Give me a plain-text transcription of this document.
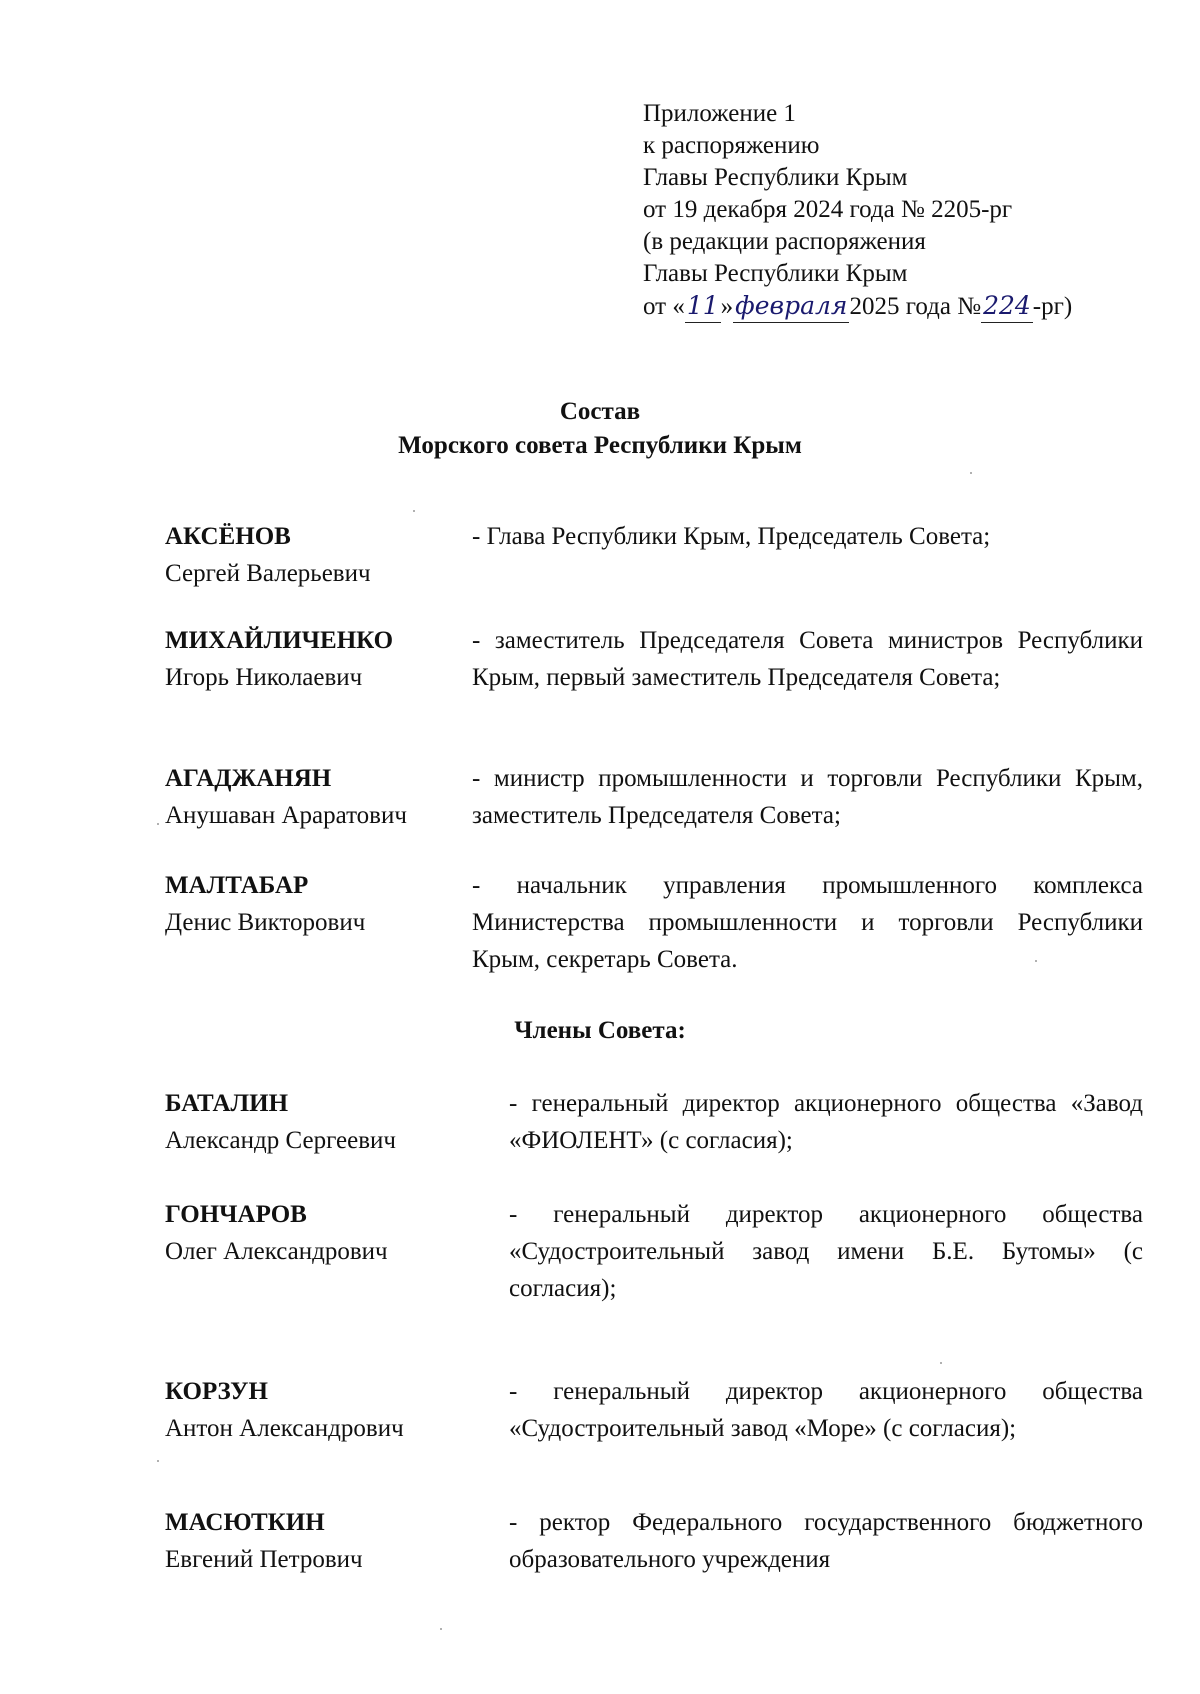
Приложение 1
к распоряжению
Главы Республики Крым
от 19 декабря 2024 года № 2205-рг
(в редакции распоряжения
Главы Республики Крым
от «11»февраля2025 года №224-рг)
Состав
Морского совета Республики Крым
АКСЁНОВ
Сергей Валерьевич
- Глава Республики Крым, Председатель Совета;
МИХАЙЛИЧЕНКО
Игорь Николаевич
- заместитель Председателя Совета министров Республики Крым, первый заместитель Председателя Совета;
АГАДЖАНЯН
Анушаван Араратович
- министр промышленности и торговли Республики Крым, заместитель Председателя Совета;
МАЛТАБАР
Денис Викторович
- начальник управления промышленного комплекса Министерства промышленности и торговли Республики Крым, секретарь Совета.
Члены Совета:
БАТАЛИН
Александр Сергеевич
- генеральный директор акционерного общества «Завод «ФИОЛЕНТ» (с согласия);
ГОНЧАРОВ
Олег Александрович
- генеральный директор акционерного общества «Судостроительный завод имени Б.Е. Бутомы» (с согласия);
КОРЗУН
Антон Александрович
- генеральный директор акционерного общества «Судостроительный завод «Море» (с согласия);
МАСЮТКИН
Евгений Петрович
- ректор Федерального государственного бюджетного образовательного учреждения
